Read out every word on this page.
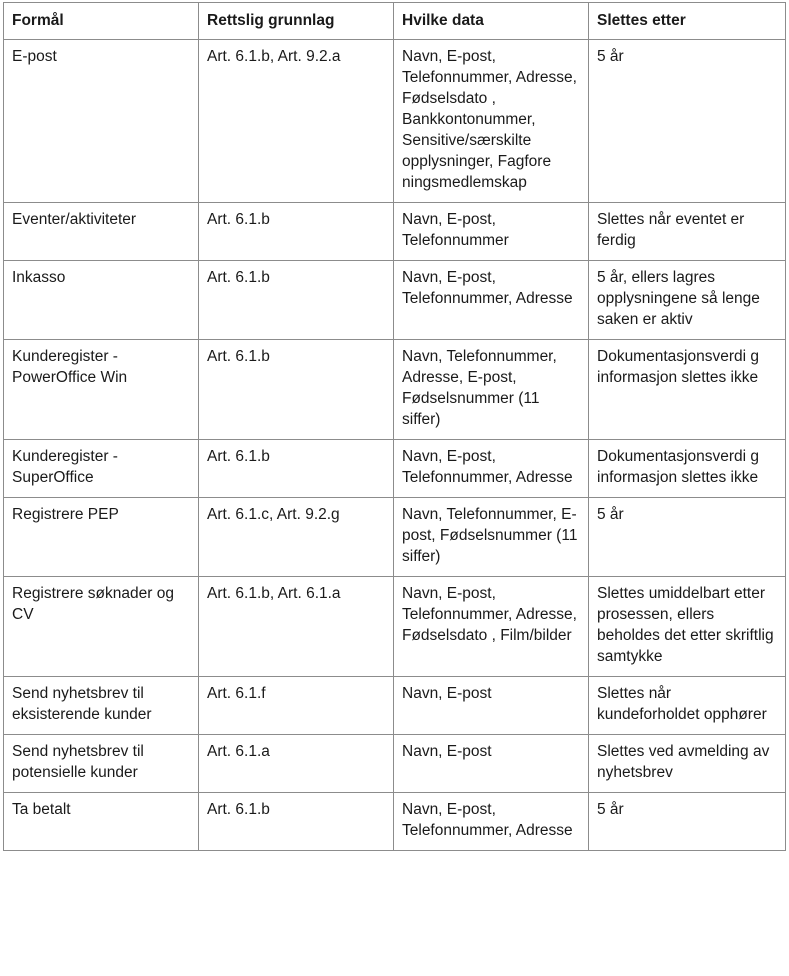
Formål	Rettslig grunnlag	Hvilke data	Slettes etter
E-post	Art. 6.1.b, Art. 9.2.a	Navn, E-post, Telefonnummer, Adresse, Fødselsdato , Bankkontonummer, Sensitive/særskilte opplysninger, Fagfore ningsmedlemskap	5 år
Eventer/aktiviteter	Art. 6.1.b	Navn, E-post, Telefonnummer	Slettes når eventet er ferdig
Inkasso	Art. 6.1.b	Navn, E-post, Telefonnummer, Adresse	5 år, ellers lagres opplysningene så lenge saken er aktiv
Kunderegister - PowerOffice Win	Art. 6.1.b	Navn, Telefonnummer, Adresse, E-post, Fødselsnummer (11 siffer)	Dokumentasjonsverdi g informasjon slettes ikke
Kunderegister - SuperOffice	Art. 6.1.b	Navn, E-post, Telefonnummer, Adresse	Dokumentasjonsverdi g informasjon slettes ikke
Registrere PEP	Art. 6.1.c, Art. 9.2.g	Navn, Telefonnummer, E-post, Fødselsnummer (11 siffer)	5 år
Registrere søknader og CV	Art. 6.1.b, Art. 6.1.a	Navn, E-post, Telefonnummer, Adresse, Fødselsdato , Film/bilder	Slettes umiddelbart etter prosessen, ellers beholdes det etter skriftlig samtykke
Send nyhetsbrev til eksisterende kunder	Art. 6.1.f	Navn, E-post	Slettes når kundeforholdet opphører
Send nyhetsbrev til potensielle kunder	Art. 6.1.a	Navn, E-post	Slettes ved avmelding av nyhetsbrev
Ta betalt	Art. 6.1.b	Navn, E-post, Telefonnummer, Adresse	5 år
